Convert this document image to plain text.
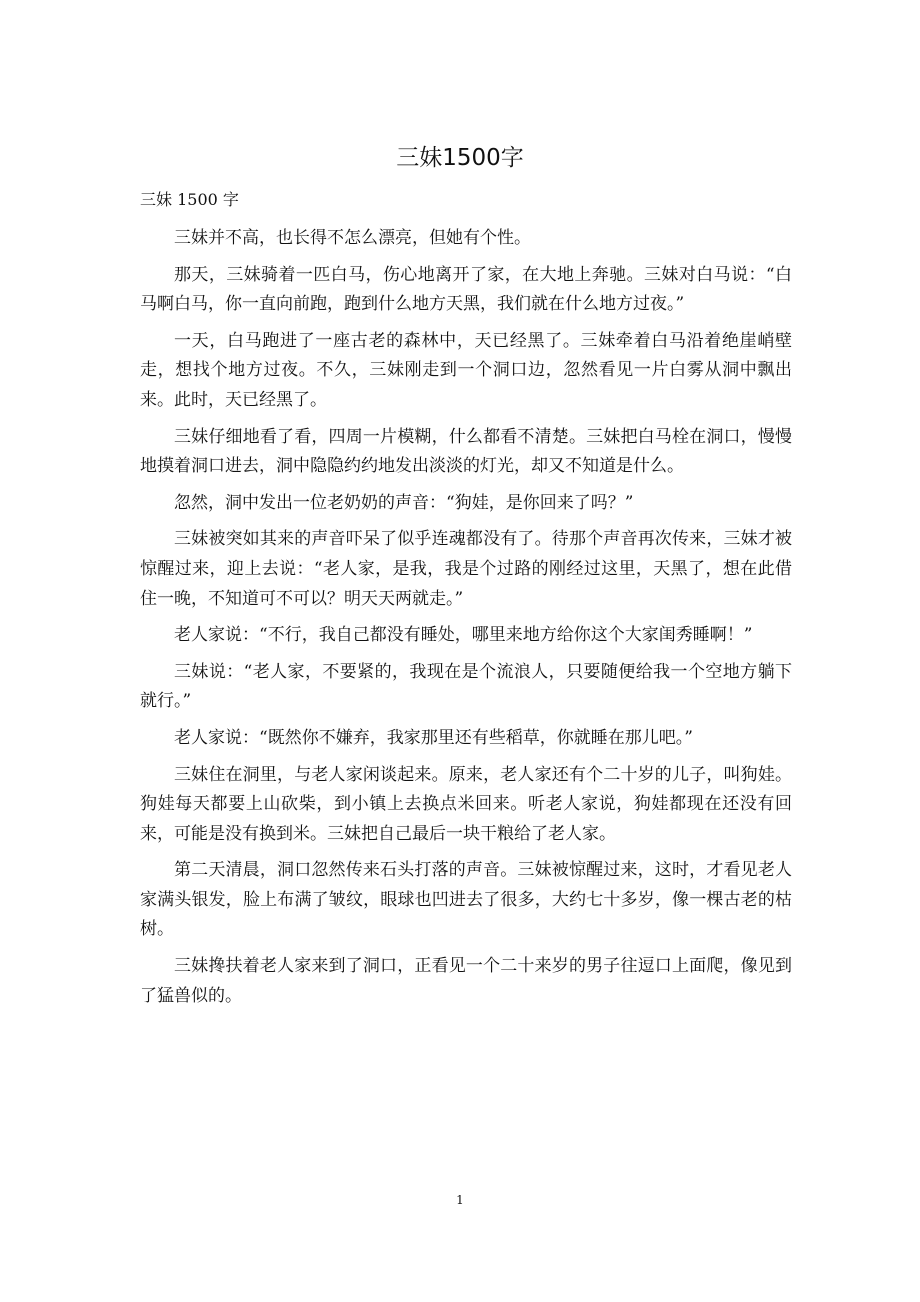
三妹1500字
三妹 1500 字

三妹并不高，也长得不怎么漂亮，但她有个性。

那天，三妹骑着一匹白马，伤心地离开了家，在大地上奔驰。三妹对白马说：“白马啊白马，你一直向前跑，跑到什么地方天黑，我们就在什么地方过夜。”

一天，白马跑进了一座古老的森林中，天已经黑了。三妹牵着白马沿着绝崖峭壁走，想找个地方过夜。不久，三妹刚走到一个洞口边，忽然看见一片白雾从洞中飘出来。此时，天已经黑了。

三妹仔细地看了看，四周一片模糊，什么都看不清楚。三妹把白马栓在洞口，慢慢地摸着洞口进去，洞中隐隐约约地发出淡淡的灯光，却又不知道是什么。

忽然，洞中发出一位老奶奶的声音：“狗娃，是你回来了吗？”

三妹被突如其来的声音吓呆了似乎连魂都没有了。待那个声音再次传来，三妹才被惊醒过来，迎上去说：“老人家，是我，我是个过路的刚经过这里，天黑了，想在此借住一晚，不知道可不可以？明天天两就走。”

老人家说：“不行，我自己都没有睡处，哪里来地方给你这个大家闺秀睡啊！”

三妹说：“老人家，不要紧的，我现在是个流浪人，只要随便给我一个空地方躺下就行。”

老人家说：“既然你不嫌弃，我家那里还有些稻草，你就睡在那儿吧。”

三妹住在洞里，与老人家闲谈起来。原来，老人家还有个二十岁的儿子，叫狗娃。狗娃每天都要上山砍柴，到小镇上去换点米回来。听老人家说，狗娃都现在还没有回来，可能是没有换到米。三妹把自己最后一块干粮给了老人家。

第二天清晨，洞口忽然传来石头打落的声音。三妹被惊醒过来，这时，才看见老人家满头银发，脸上布满了皱纹，眼球也凹进去了很多，大约七十多岁，像一棵古老的枯树。

三妹搀扶着老人家来到了洞口，正看见一个二十来岁的男子往逗口上面爬，像见到了猛兽似的。

1
